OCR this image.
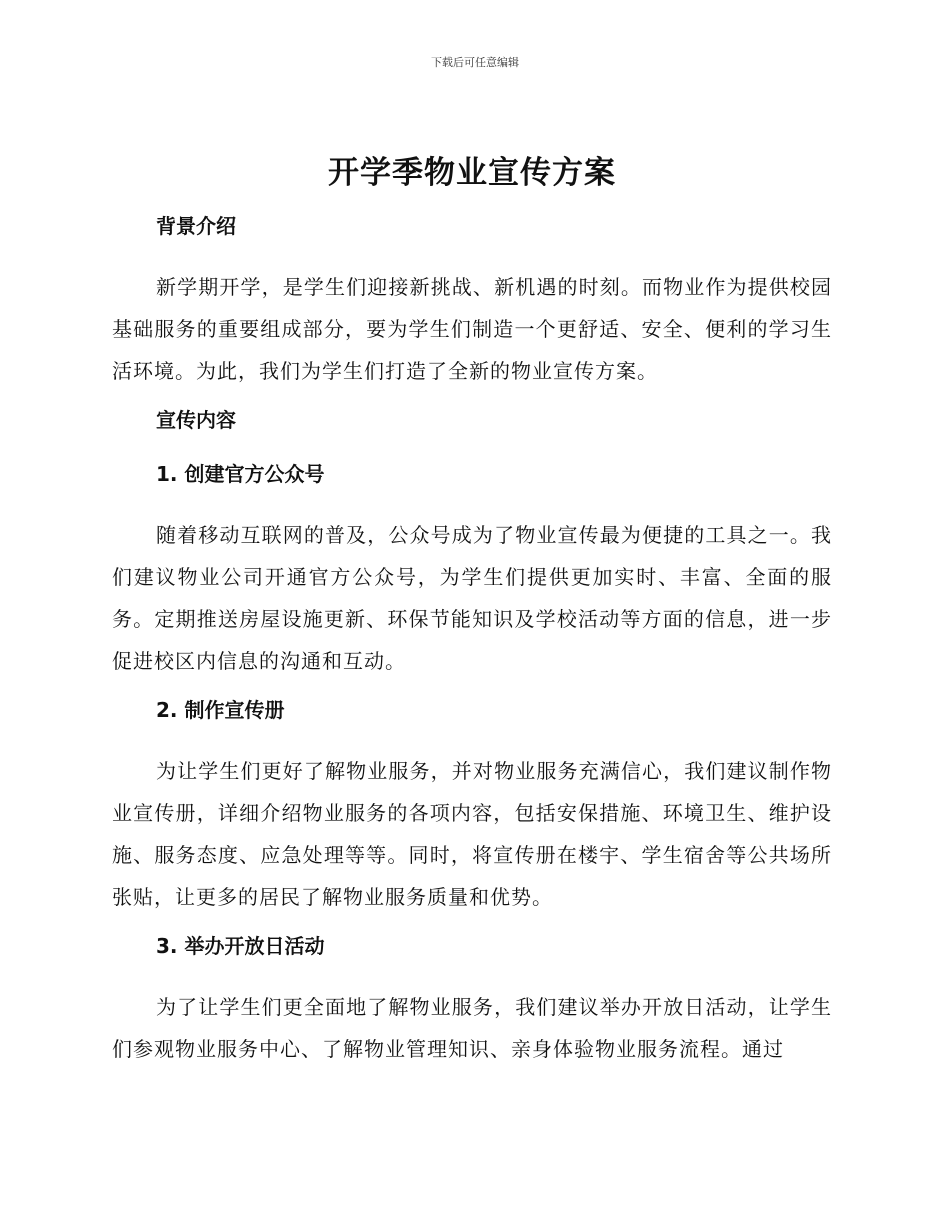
下载后可任意编辑
开学季物业宣传方案
背景介绍

新学期开学，是学生们迎接新挑战、新机遇的时刻。而物业作为提供校园基础服务的重要组成部分，要为学生们制造一个更舒适、安全、便利的学习生活环境。为此，我们为学生们打造了全新的物业宣传方案。

宣传内容
1. 创建官方公众号

随着移动互联网的普及，公众号成为了物业宣传最为便捷的工具之一。我们建议物业公司开通官方公众号，为学生们提供更加实时、丰富、全面的服务。定期推送房屋设施更新、环保节能知识及学校活动等方面的信息，进一步促进校区内信息的沟通和互动。

2. 制作宣传册

为让学生们更好了解物业服务，并对物业服务充满信心，我们建议制作物业宣传册，详细介绍物业服务的各项内容，包括安保措施、环境卫生、维护设施、服务态度、应急处理等等。同时，将宣传册在楼宇、学生宿舍等公共场所张贴，让更多的居民了解物业服务质量和优势。

3. 举办开放日活动

为了让学生们更全面地了解物业服务，我们建议举办开放日活动，让学生们参观物业服务中心、了解物业管理知识、亲身体验物业服务流程。通过
